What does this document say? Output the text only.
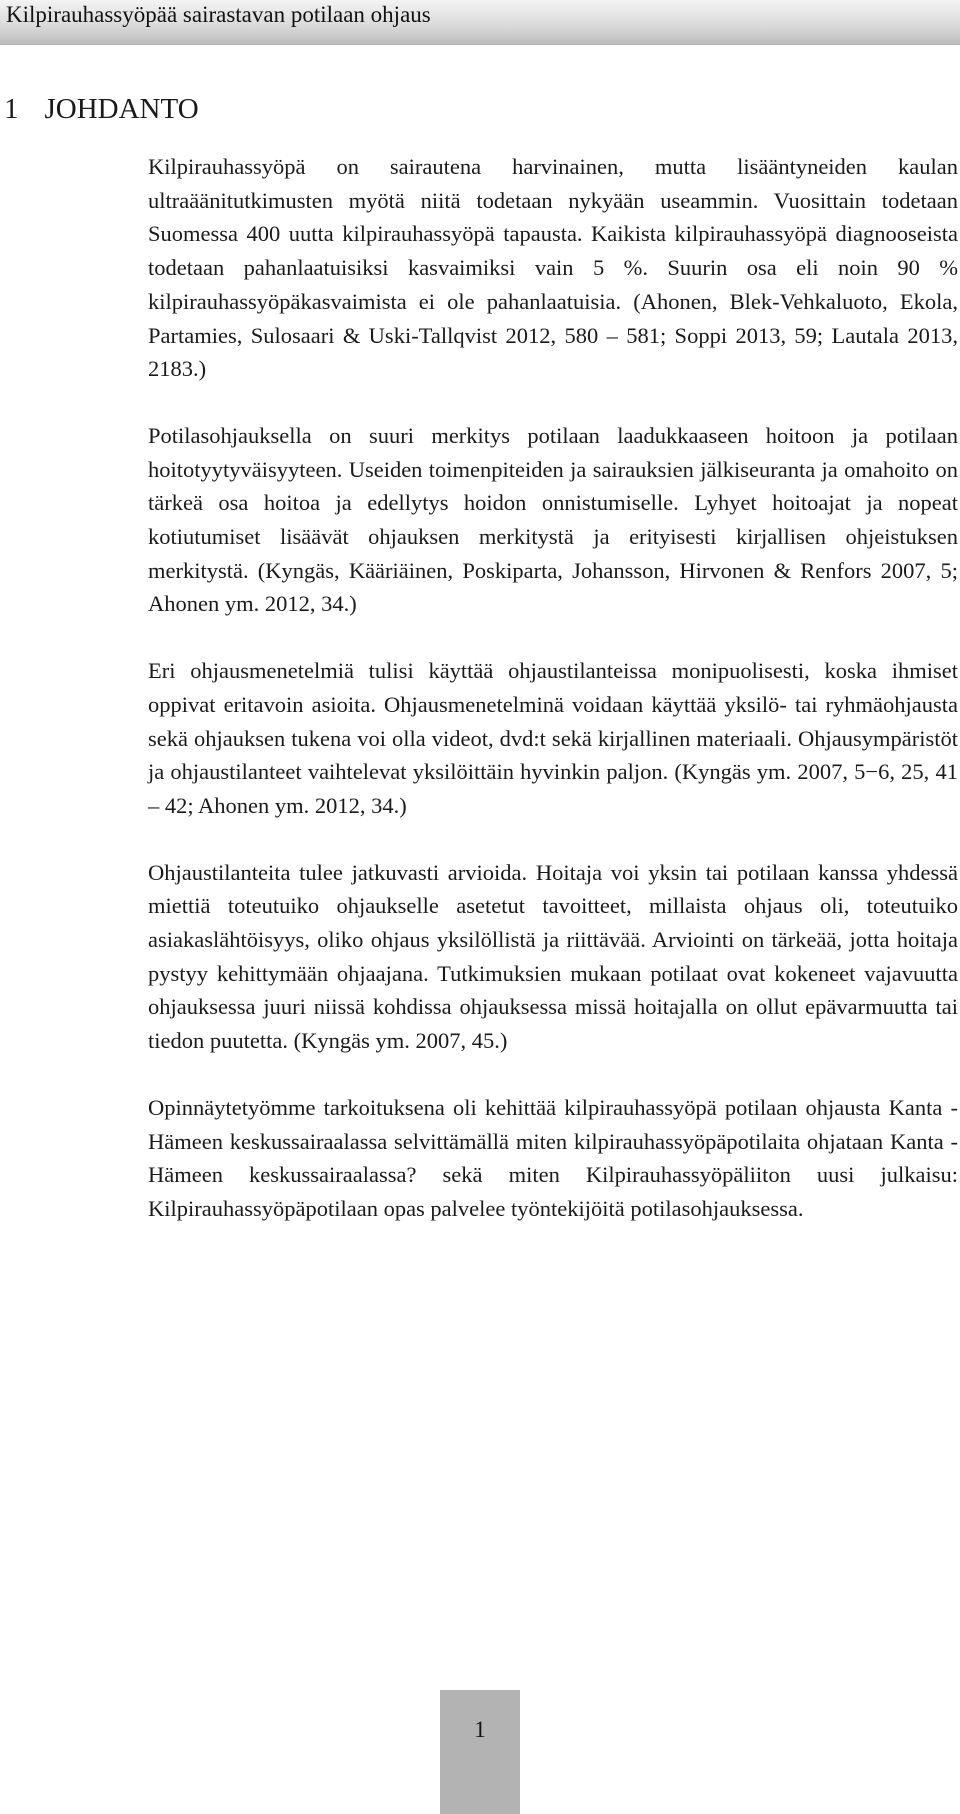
Kilpirauhassyöpää sairastavan potilaan ohjaus
1 JOHDANTO

Kilpirauhassyöpä on sairautena harvinainen, mutta lisääntyneiden kaulan ultraäänitutkimusten myötä niitä todetaan nykyään useammin. Vuosittain todetaan Suomessa 400 uutta kilpirauhassyöpä tapausta. Kaikista kilpirauhassyöpä diagnooseista todetaan pahanlaatuisiksi kasvaimiksi vain 5 %. Suurin osa eli noin 90 % kilpirauhassyöpäkasvaimista ei ole pahanlaatuisia. (Ahonen, Blek-Vehkaluoto, Ekola, Partamies, Sulosaari & Uski-Tallqvist 2012, 580 – 581; Soppi 2013, 59; Lautala 2013, 2183.)

Potilasohjauksella on suuri merkitys potilaan laadukkaaseen hoitoon ja potilaan hoitotyytyväisyyteen. Useiden toimenpiteiden ja sairauksien jälkiseuranta ja omahoito on tärkeä osa hoitoa ja edellytys hoidon onnistumiselle. Lyhyet hoitoajat ja nopeat kotiutumiset lisäävät ohjauksen merkitystä ja erityisesti kirjallisen ohjeistuksen merkitystä. (Kyngäs, Kääriäinen, Poskiparta, Johansson, Hirvonen & Renfors 2007, 5; Ahonen ym. 2012, 34.)

Eri ohjausmenetelmiä tulisi käyttää ohjaustilanteissa monipuolisesti, koska ihmiset oppivat eritavoin asioita. Ohjausmenetelminä voidaan käyttää yksilö- tai ryhmäohjausta sekä ohjauksen tukena voi olla videot, dvd:t sekä kirjallinen materiaali. Ohjausympäristöt ja ohjaustilanteet vaihtelevat yksilöittäin hyvinkin paljon. (Kyngäs ym. 2007, 5−6, 25, 41 – 42; Ahonen ym. 2012, 34.)

Ohjaustilanteita tulee jatkuvasti arvioida. Hoitaja voi yksin tai potilaan kanssa yhdessä miettiä toteutuiko ohjaukselle asetetut tavoitteet, millaista ohjaus oli, toteutuiko asiakaslähtöisyys, oliko ohjaus yksilöllistä ja riittävää. Arviointi on tärkeää, jotta hoitaja pystyy kehittymään ohjaajana. Tutkimuksien mukaan potilaat ovat kokeneet vajavuutta ohjauksessa juuri niissä kohdissa ohjauksessa missä hoitajalla on ollut epävarmuutta tai tiedon puutetta. (Kyngäs ym. 2007, 45.)

Opinnäytetyömme tarkoituksena oli kehittää kilpirauhassyöpä potilaan ohjausta Kanta - Hämeen keskussairaalassa selvittämällä miten kilpirauhassyöpäpotilaita ohjataan Kanta - Hämeen keskussairaalassa? sekä miten Kilpirauhassyöpäliiton uusi julkaisu: Kilpirauhassyöpäpotilaan opas palvelee työntekijöitä potilasohjauksessa.

1
